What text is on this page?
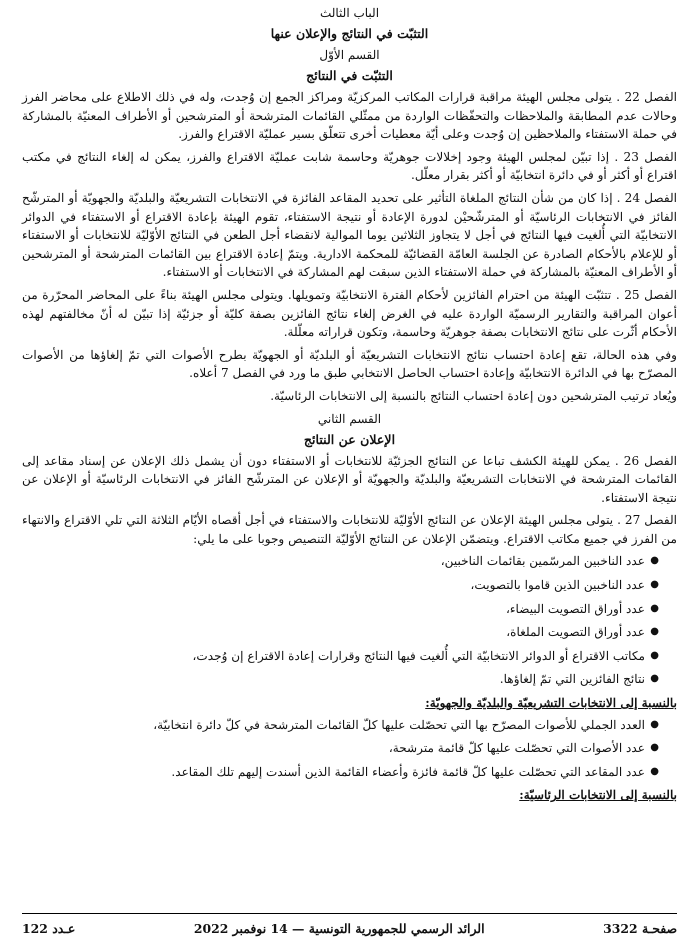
الباب الثالث

التثبّت في النتائج والإعلان عنها

القسم الأوّل

التثبّت في النتائج

الفصل 22 . يتولى مجلس الهيئة مراقبة قرارات المكاتب المركزيّة ومراكز الجمع إن وُجدت، وله في ذلك الاطلاع على محاضر الفرز وحالات عدم المطابقة والملاحظات والتحفّظات الواردة من ممثّلي القائمات المترشحة أو المترشحين أو الأطراف المعنيّة بالمشاركة في حملة الاستفتاء والملاحظين إن وُجدت وعلى أيّة معطيات أخرى تتعلّق بسير عمليّة الاقتراع والفرز.

الفصل 23 . إذا تبيّن لمجلس الهيئة وجود إخلالات جوهريّة وحاسمة شابت عمليّة الاقتراع والفرز، يمكن له إلغاء النتائج في مكتب اقتراع أو أكثر أو في دائرة انتخابيّة أو أكثر بقرار معلّل.

الفصل 24 . إذا كان من شأن النتائج الملغاة التأثير على تحديد المقاعد الفائزة في الانتخابات التشريعيّة والبلديّة والجهويّة أو المترشّح الفائز في الانتخابات الرئاسيّة أو المترشّحيْن لدورة الإعادة أو نتيجة الاستفتاء، تقوم الهيئة بإعادة الاقتراع أو الاستفتاء في الدوائر الانتخابيّة التي أُلغيت فيها النتائج في أجل لا يتجاوز الثلاثين يوما الموالية لانقضاء أجل الطعن في النتائج الأوّليّة للانتخابات أو الاستفتاء أو للإعلام بالأحكام الصادرة عن الجلسة العامّة القضائيّة للمحكمة الادارية. ويتمّ إعادة الاقتراع بين القائمات المترشحة أو المترشحين أو الأطراف المعنيّة بالمشاركة في حملة الاستفتاء الذين سبقت لهم المشاركة في الانتخابات أو الاستفتاء.

الفصل 25 . تتثبّت الهيئة من احترام الفائزين لأحكام الفترة الانتخابيّة وتمويلها. ويتولى مجلس الهيئة بناءً على المحاضر المحرّرة من أعوان المراقبة والتقارير الرسميّة الواردة عليه في الغرض إلغاء نتائج الفائزين بصفة كليّة أو جزئيّة إذا تبيّن له أنّ مخالفتهم لهذه الأحكام أثّرت على نتائج الانتخابات بصفة جوهريّة وحاسمة، وتكون قراراته معلّلة.

وفي هذه الحالة، تقع إعادة احتساب نتائج الانتخابات التشريعيّة أو البلديّة أو الجهويّة بطرح الأصوات التي تمّ إلغاؤها من الأصوات المصرّح بها في الدائرة الانتخابيّة وإعادة احتساب الحاصل الانتخابي طبق ما ورد في الفصل 7 أعلاه.

ويُعاد ترتيب المترشحين دون إعادة احتساب النتائج بالنسبة إلى الانتخابات الرئاسيّة.

القسم الثاني

الإعلان عن النتائج

الفصل 26 . يمكن للهيئة الكشف تباعا عن النتائج الجزئيّة للانتخابات أو الاستفتاء دون أن يشمل ذلك الإعلان عن إسناد مقاعد إلى القائمات المترشحة في الانتخابات التشريعيّة والبلديّة والجهويّة أو الإعلان عن المترشّح الفائز في الانتخابات الرئاسيّة أو الإعلان عن نتيجة الاستفتاء.

الفصل 27 . يتولى مجلس الهيئة الإعلان عن النتائج الأوّليّة للانتخابات والاستفتاء في أجل أقصاه الأيّام الثلاثة التي تلي الاقتراع والانتهاء من الفرز في جميع مكاتب الاقتراع. ويتضمّن الإعلان عن النتائج الأوّليّة التنصيص وجوبا على ما يلي:

● عدد الناخبين المرسّمين بقائمات الناخبين،
● عدد الناخبين الذين قاموا بالتصويت،
● عدد أوراق التصويت البيضاء،
● عدد أوراق التصويت الملغاة،
● مكاتب الاقتراع أو الدوائر الانتخابيّة التي أُلغيت فيها النتائج وقرارات إعادة الاقتراع إن وُجدت،
● نتائج الفائزين التي تمّ إلغاؤها.

بالنسبة إلى الانتخابات التشريعيّة والبلديّة والجهويّة:

● العدد الجملي للأصوات المصرّح بها التي تحصّلت عليها كلّ القائمات المترشحة في كلّ دائرة انتخابيّة،
● عدد الأصوات التي تحصّلت عليها كلّ قائمة مترشحة،
● عدد المقاعد التي تحصّلت عليها كلّ قائمة فائزة وأعضاء القائمة الذين أسندت إليهم تلك المقاعد.

بالنسبة إلى الانتخابات الرئاسيّة:

صفحـة 3322
الرائد الرسمي للجمهورية التونسية — 14 نوفمبر 2022
عـدد 122
